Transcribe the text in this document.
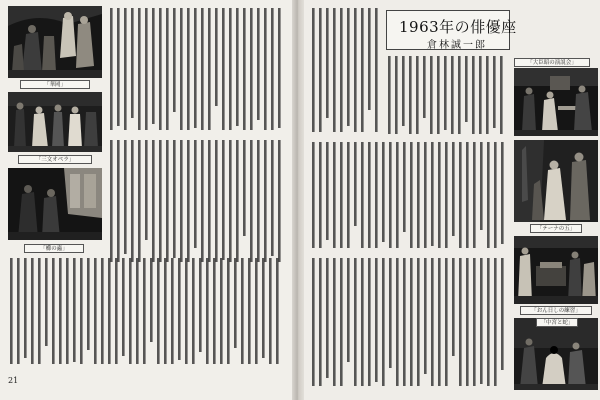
「華岡」
「三文オペラ」
「櫛の蟲」
21
1963年の俳優座
倉林誠一郎
「大臣昭の演説会」
「テーナの五」
「おん日しの練習」
「中宮と蛇」
